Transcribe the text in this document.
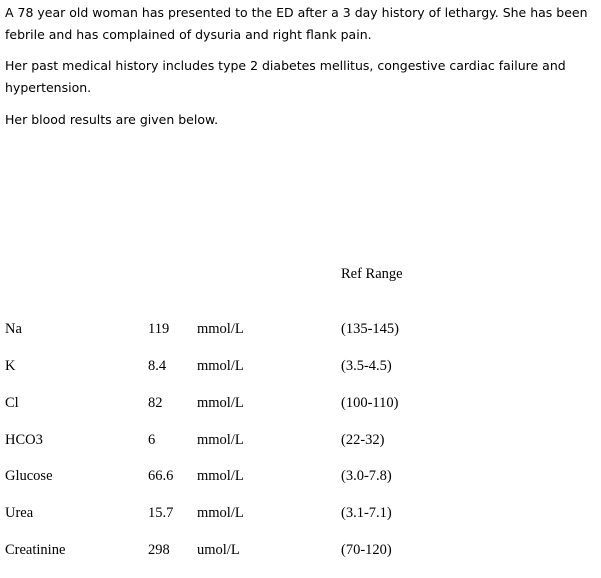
A 78 year old woman has presented to the ED after a 3 day history of lethargy. She has been febrile and has complained of dysuria and right flank pain.

Her past medical history includes type 2 diabetes mellitus, congestive cardiac failure and hypertension.

Her blood results are given below.

Ref Range
Na	119 mmol/L	(135-145)
K	8.4 mmol/L	(3.5-4.5)
Cl	82 mmol/L	(100-110)
HCO3	6	mmol/L	(22-32)
Glucose	66.6 mmol/L	(3.0-7.8)
Urea	15.7 mmol/L	(3.1-7.1)
Creatinine	298 umol/L	(70-120)
